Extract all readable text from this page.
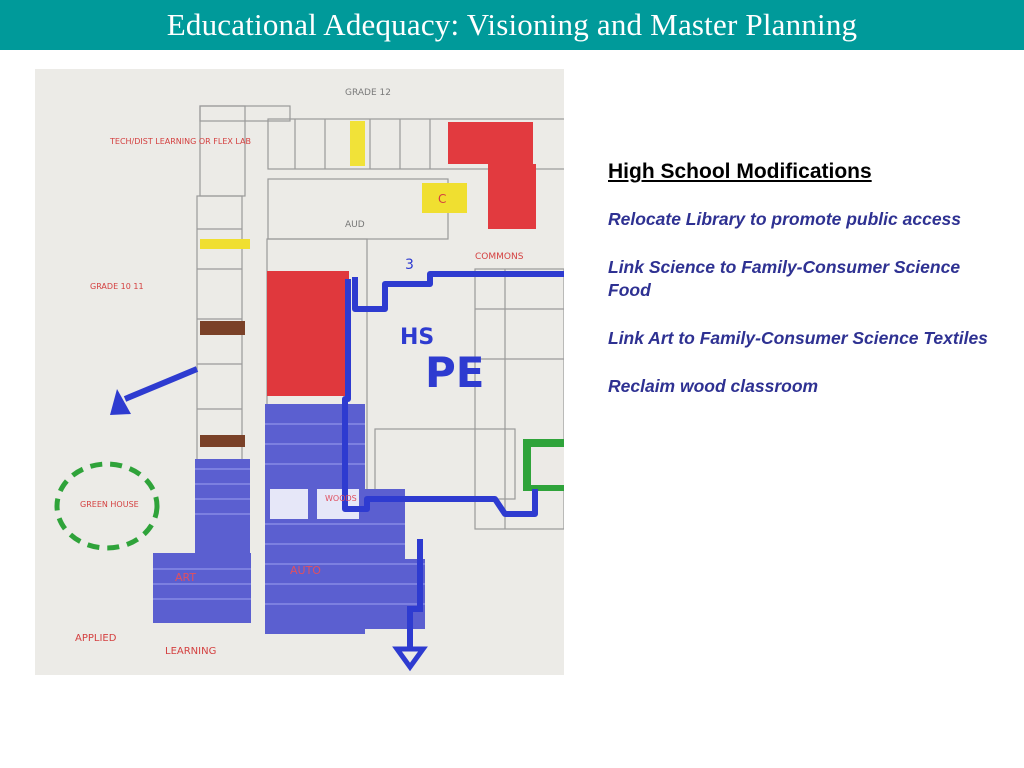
Educational Adequacy: Visioning and Master Planning
GRADE 12
TECH/DIST LEARNING OR FLEX LAB
GRADE 10 11
AUD
COMMONS
HS
PE
3
GREEN HOUSE
APPLIED
LEARNING
ART
AUTO
WOODS
C
High School Modifications
Relocate Library to promote public access
Link Science to Family-Consumer Science Food
Link Art to Family-Consumer Science Textiles
Reclaim wood classroom
